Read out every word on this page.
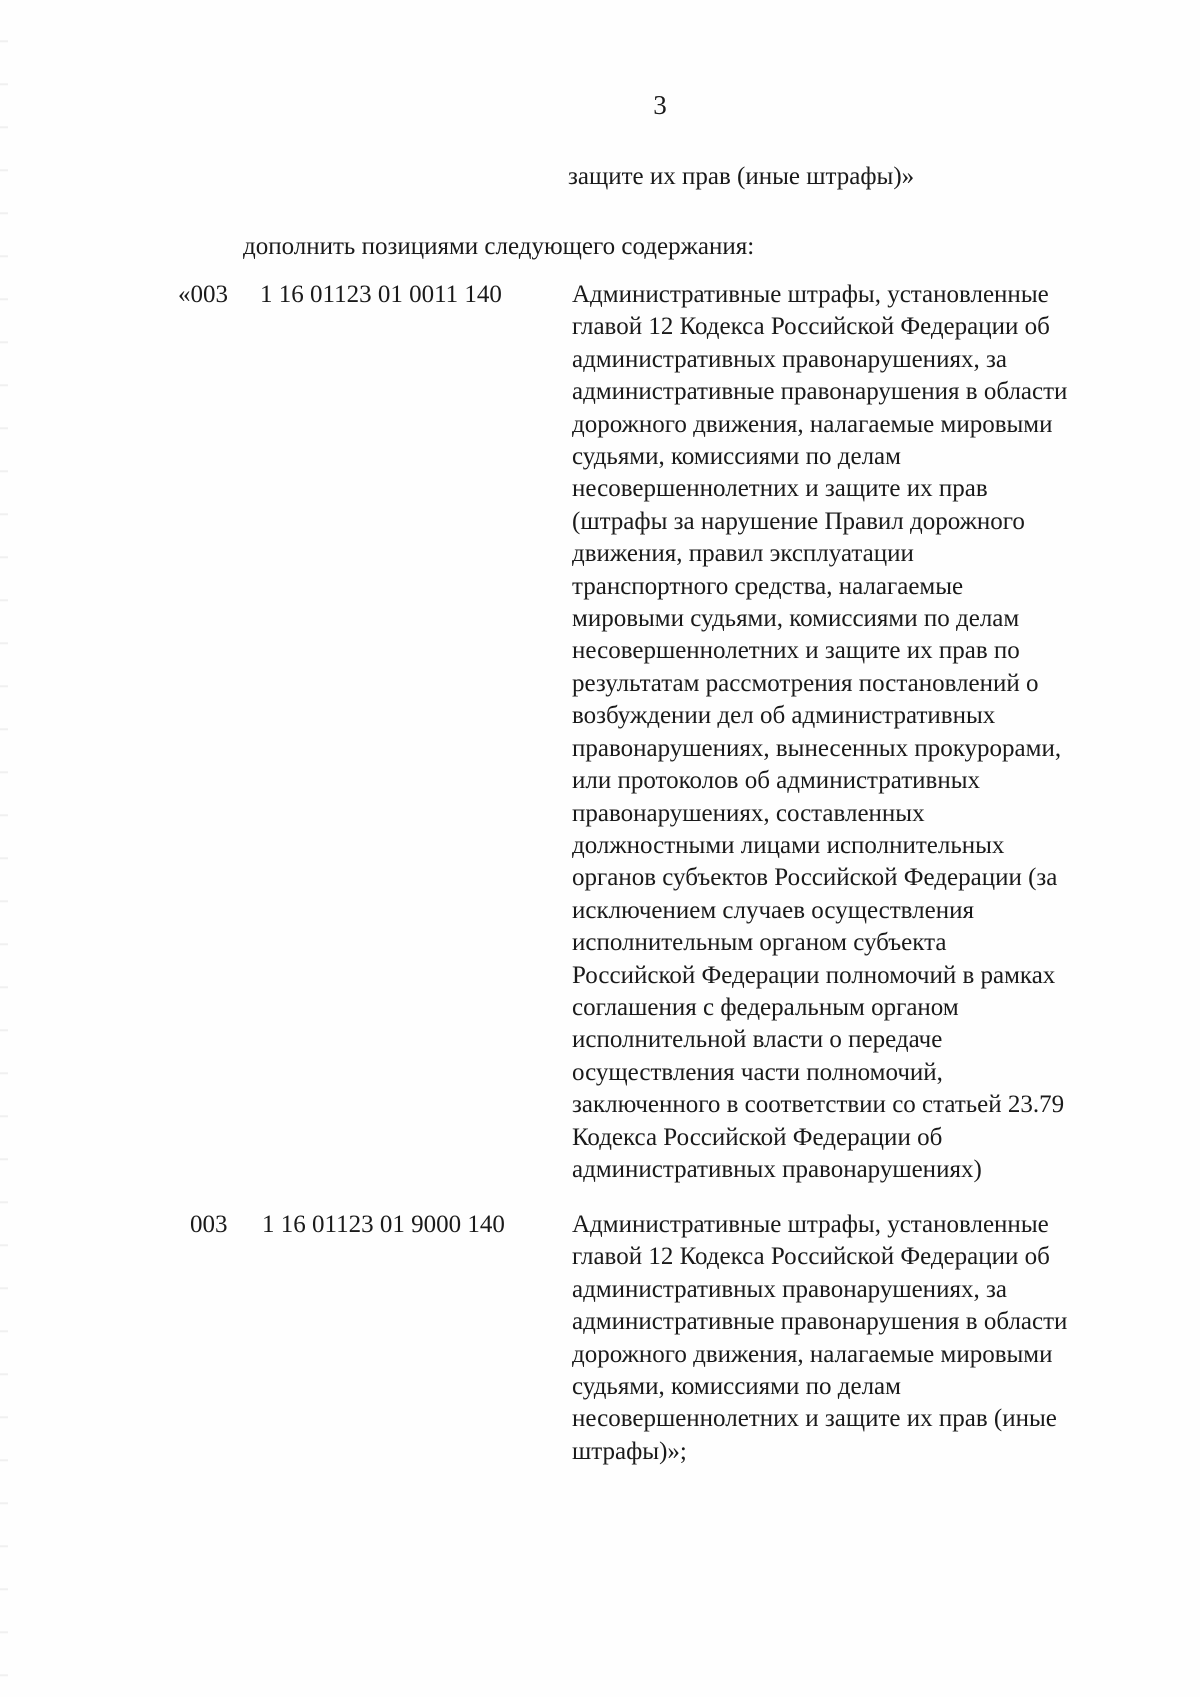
3
защите их прав (иные штрафы)»
дополнить позициями следующего содержания:
«003 1 16 01123 01 0011 140	Административные штрафы, установленные
главой 12 Кодекса Российской Федерации об
административных правонарушениях, за
административные правонарушения в области
дорожного движения, налагаемые мировыми
судьями, комиссиями по делам
несовершеннолетних и защите их прав
(штрафы за нарушение Правил дорожного
движения, правил эксплуатации
транспортного средства, налагаемые
мировыми судьями, комиссиями по делам
несовершеннолетних и защите их прав по
результатам рассмотрения постановлений о
возбуждении дел об административных
правонарушениях, вынесенных прокурорами,
или протоколов об административных
правонарушениях, составленных
должностными лицами исполнительных
органов субъектов Российской Федерации (за
исключением случаев осуществления
исполнительным органом субъекта
Российской Федерации полномочий в рамках
соглашения с федеральным органом
исполнительной власти о передаче
осуществления части полномочий,
заключенного в соответствии со статьей 23.79
Кодекса Российской Федерации об
административных правонарушениях)
003 1 16 01123 01 9000 140	Административные штрафы, установленные
главой 12 Кодекса Российской Федерации об
административных правонарушениях, за
административные правонарушения в области
дорожного движения, налагаемые мировыми
судьями, комиссиями по делам
несовершеннолетних и защите их прав (иные
штрафы)»;
